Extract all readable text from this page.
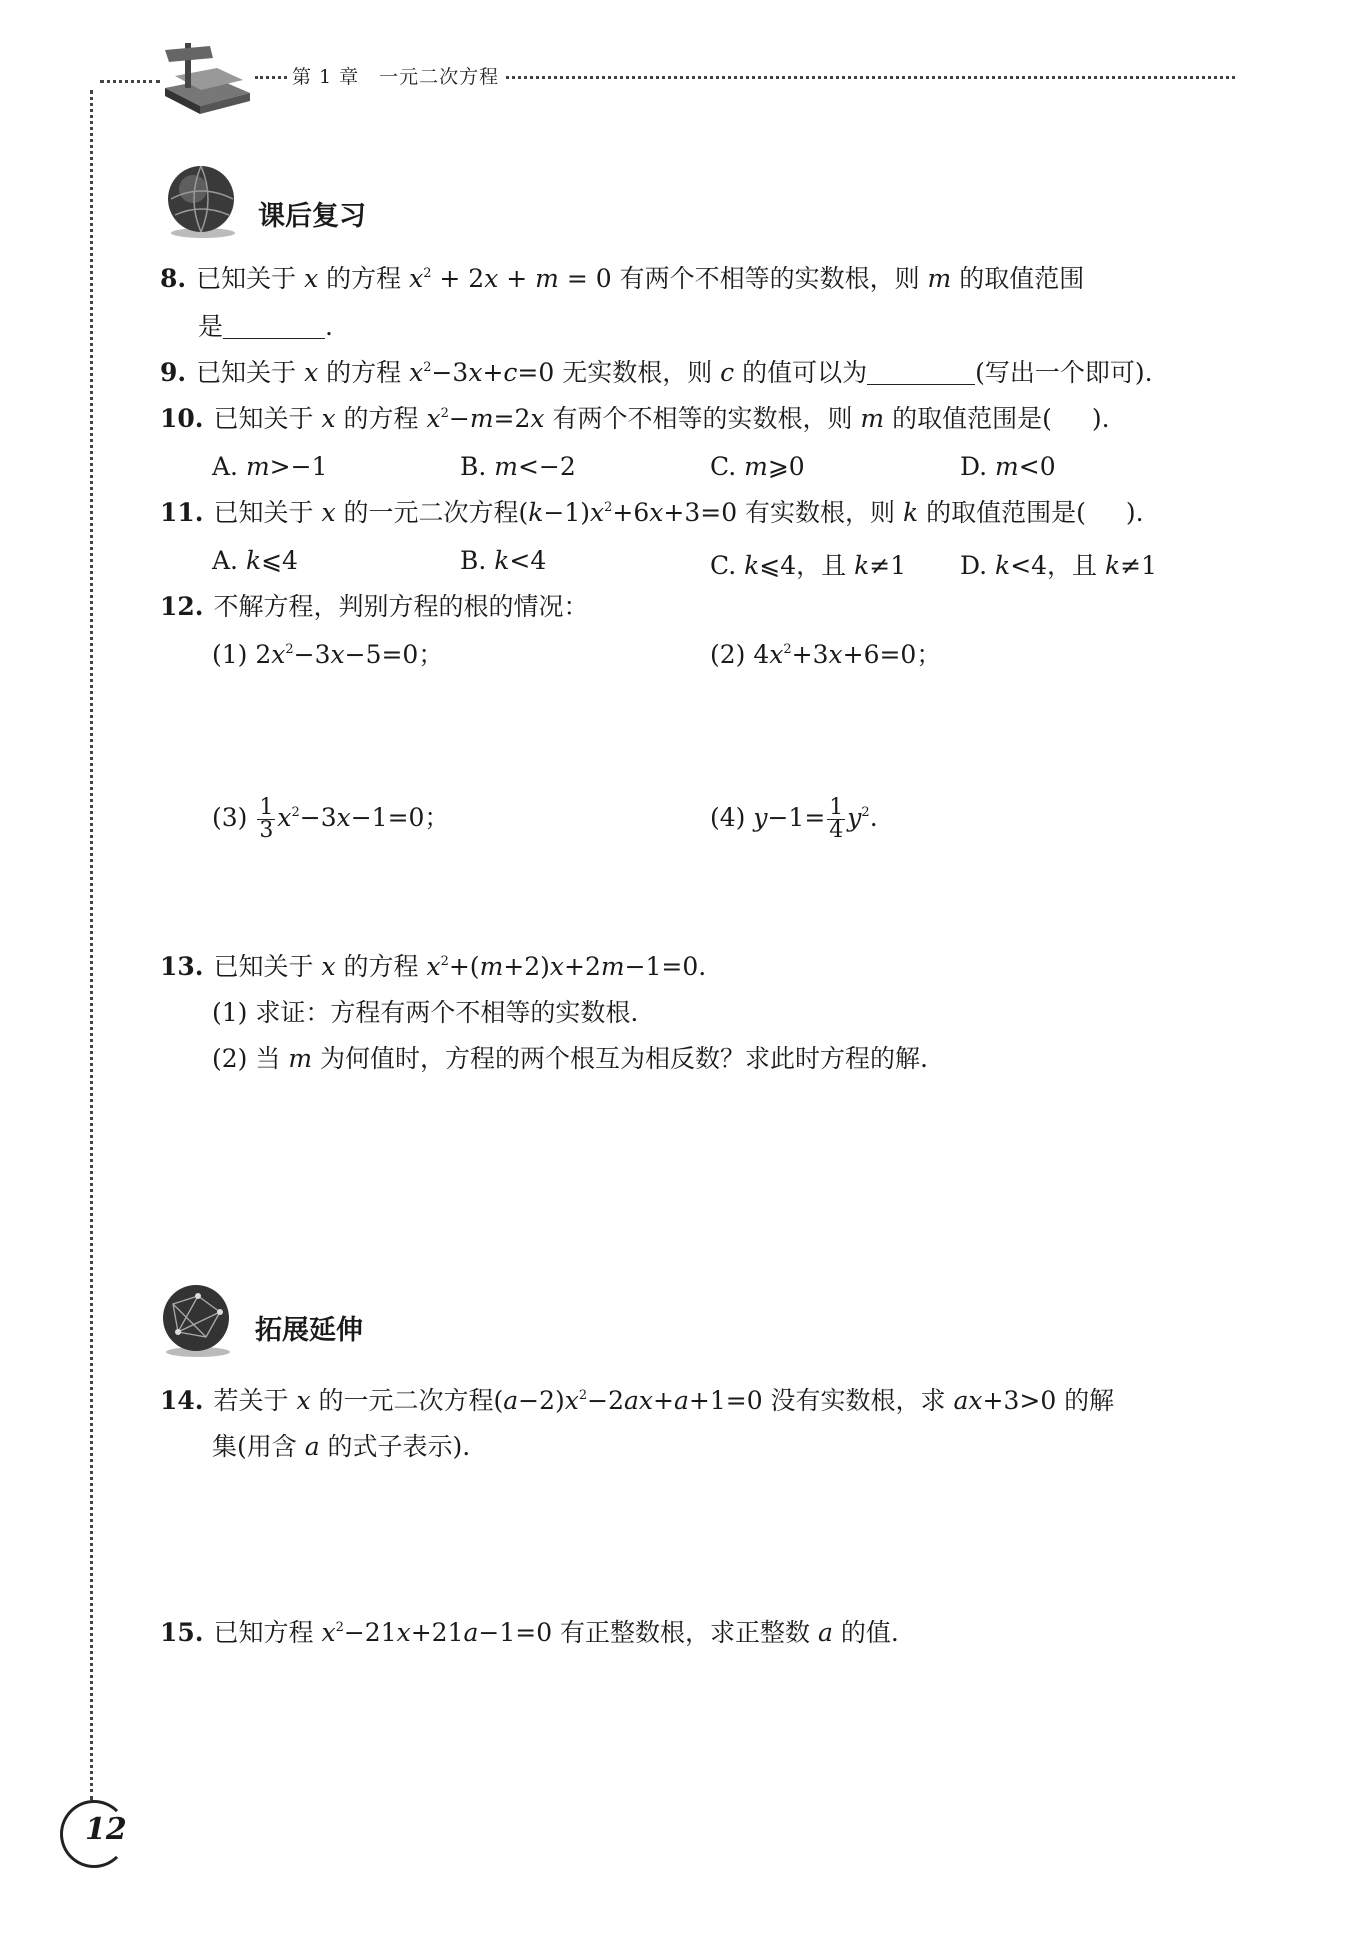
第 1 章　一元二次方程
课后复习
8. 已知关于 x 的方程 $x^2 + 2x + m = 0$ 有两个不相等的实数根，则 m 的取值范围
是	.
9. 已知关于 x 的方程 $x^2-3x+c=0$ 无实数根，则 c 的值可以为	(写出一个即可).
10. 已知关于 x 的方程 $x^2-m=2x$ 有两个不相等的实数根，则 m 的取值范围是( ).
A. m>−1	B. m<−2	C. m⩾0	D. m<0
11. 已知关于 x 的一元二次方程$(k-1)x^2+6x+3=0$ 有实数根，则 k 的取值范围是( ).
A. k⩽4	B. k<4	C. k⩽4，且 k≠1 D. k<4，且 k≠1
12. 不解方程，判别方程的根的情况：
(1) $2x^2-3x-5=0$；	(2) $4x^2+3x+6=0$；
$(3) \frac{1}{3} x^2-3x-1=0$；	(4) $y-1= \frac{1}{4} y^2$.
13. 已知关于 x 的方程 $x^2+(m+2)x+2m-1=0$.
(1) 求证：方程有两个不相等的实数根.
(2) 当 m 为何值时，方程的两个根互为相反数？求此时方程的解.
拓展延伸
14. 若关于 x 的一元二次方程$(a-2)x^2-2ax+a+1=0$ 没有实数根，求 ax+3>0 的解
集(用含 a 的式子表示).
15. 已知方程 $x^2-21x+21a-1=0$ 有正整数根，求正整数 a 的值.
12
